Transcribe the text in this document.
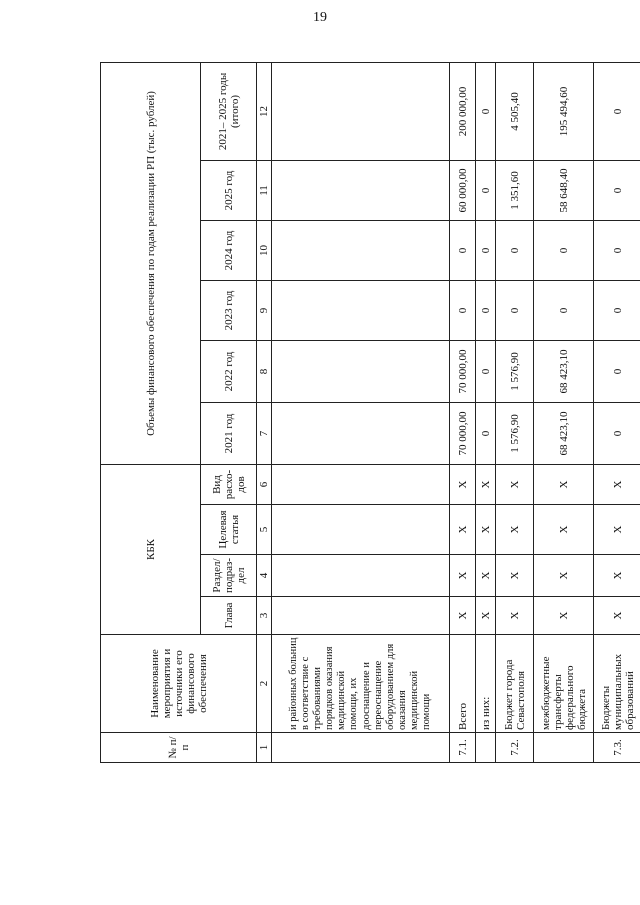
19
№ п/п	Наименование мероприятия и источники его финансового обеспечения	КБК				Объемы финансового обеспечения по годам реализации РП (тыс. рублей)					
		Глава	Раздел/ подраз- дел	Целевая статья	Вид расхо- дов	2021 год	2022 год	2023 год	2024 год	2025 год	2021– 2025 годы (итого)
1	2	3	4	5	6	7	8	9	10	11	12
	и районных больниц в соответствие с требованиями порядков оказания медицинской помощи, их дооснащение и переоснащение оборудованием для оказания медицинской помощи										
7.1.	Всего	Х	Х	Х	Х	70 000,00	70 000,00	0	0	60 000,00	200 000,00
	из них:	Х	Х	Х	Х	0	0	0	0	0	0
7.2.	Бюджет города Севастополя	Х	Х	Х	Х	1 576,90	1 576,90	0	0	1 351,60	4 505,40
	межбюджетные трансферты федерального бюджета	Х	Х	Х	Х	68 423,10	68 423,10	0	0	58 648,40	195 494,60
7.3.	Бюджеты муниципальных образований	Х	Х	Х	Х	0	0	0	0	0	0
